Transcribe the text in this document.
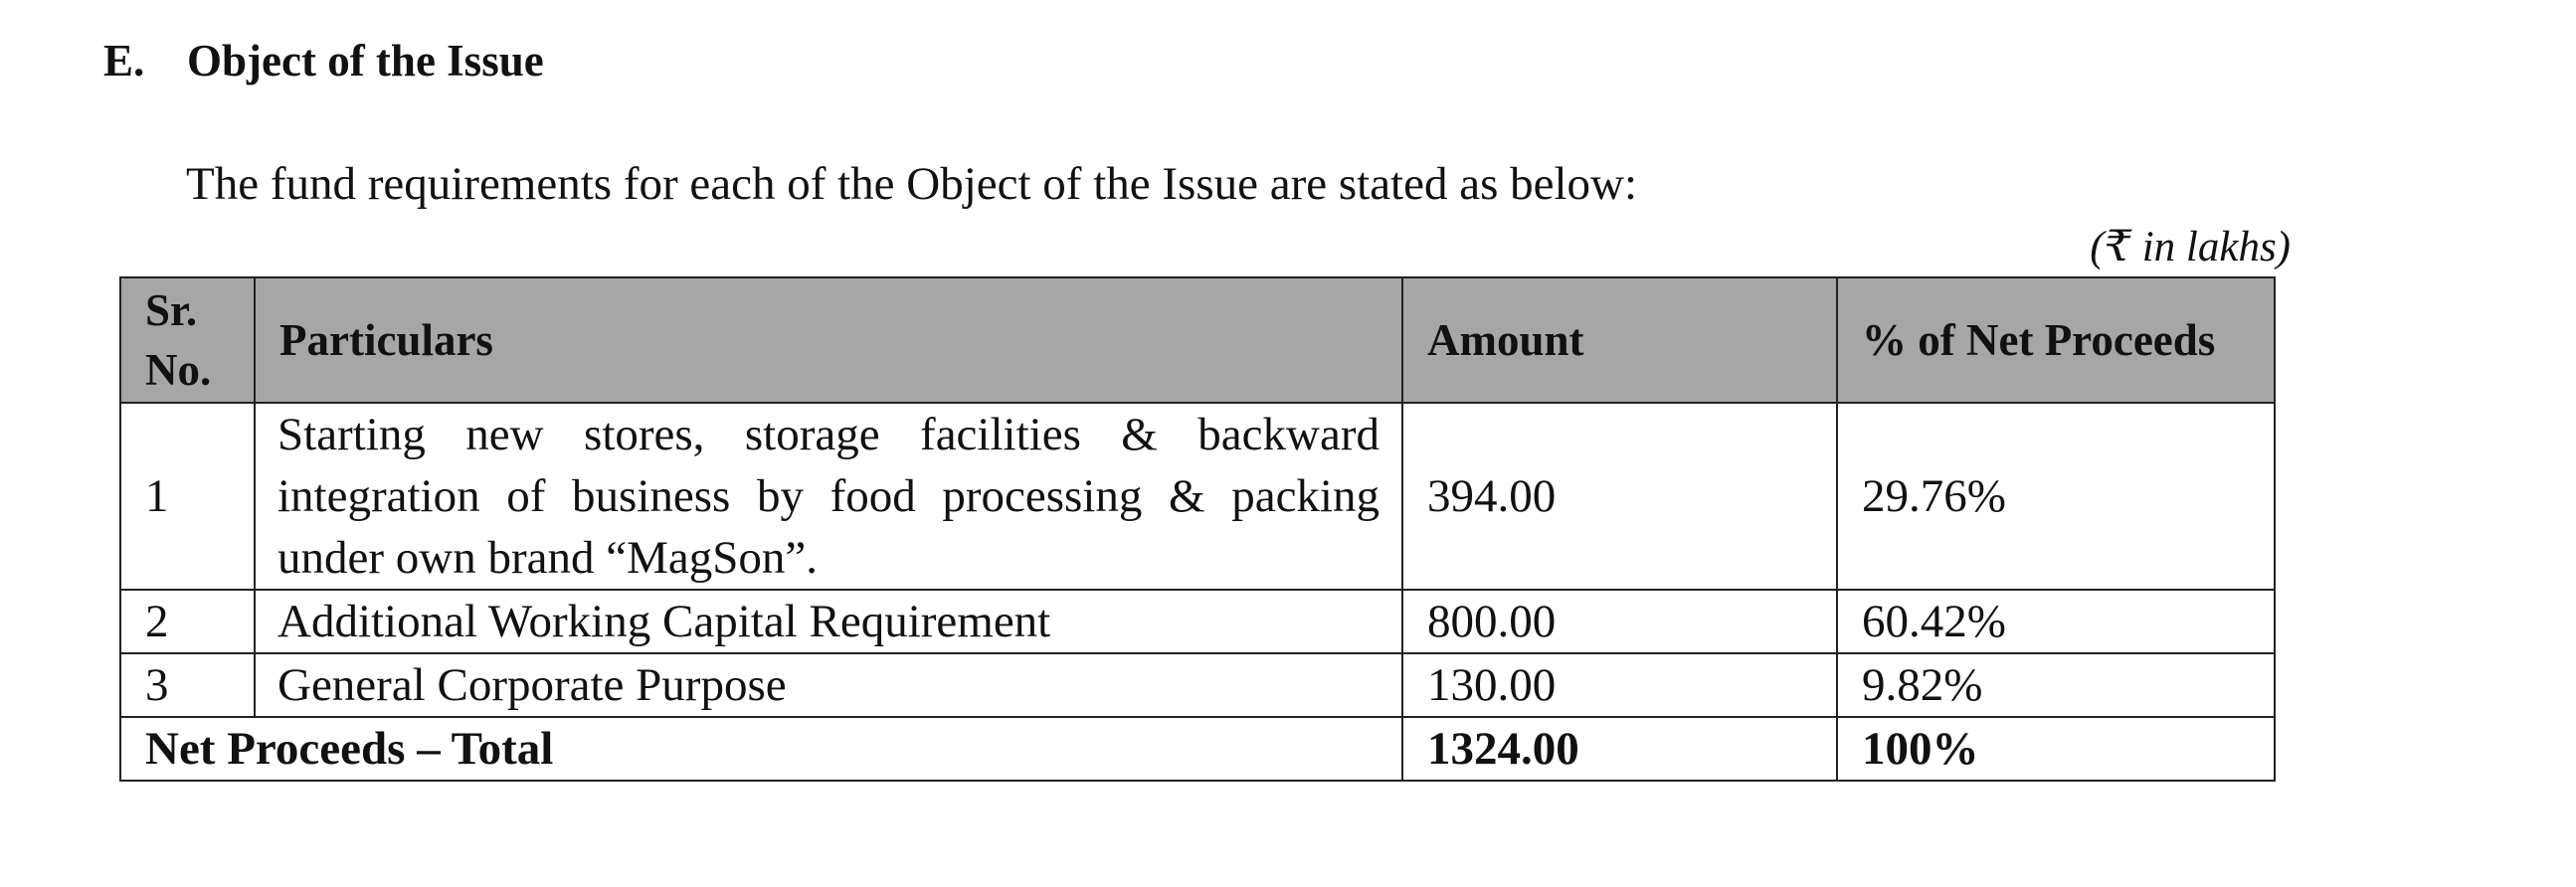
E. Object of the Issue
The fund requirements for each of the Object of the Issue are stated as below:
(₹ in lakhs)
Sr. No.	Particulars	Amount	% of Net Proceeds
1	Starting new stores, storage facilities & backward integration of business by food processing & packing under own brand “MagSon”.	394.00	29.76%
2	Additional Working Capital Requirement	800.00	60.42%
3	General Corporate Purpose	130.00	9.82%
Net Proceeds – Total		1324.00	100%
